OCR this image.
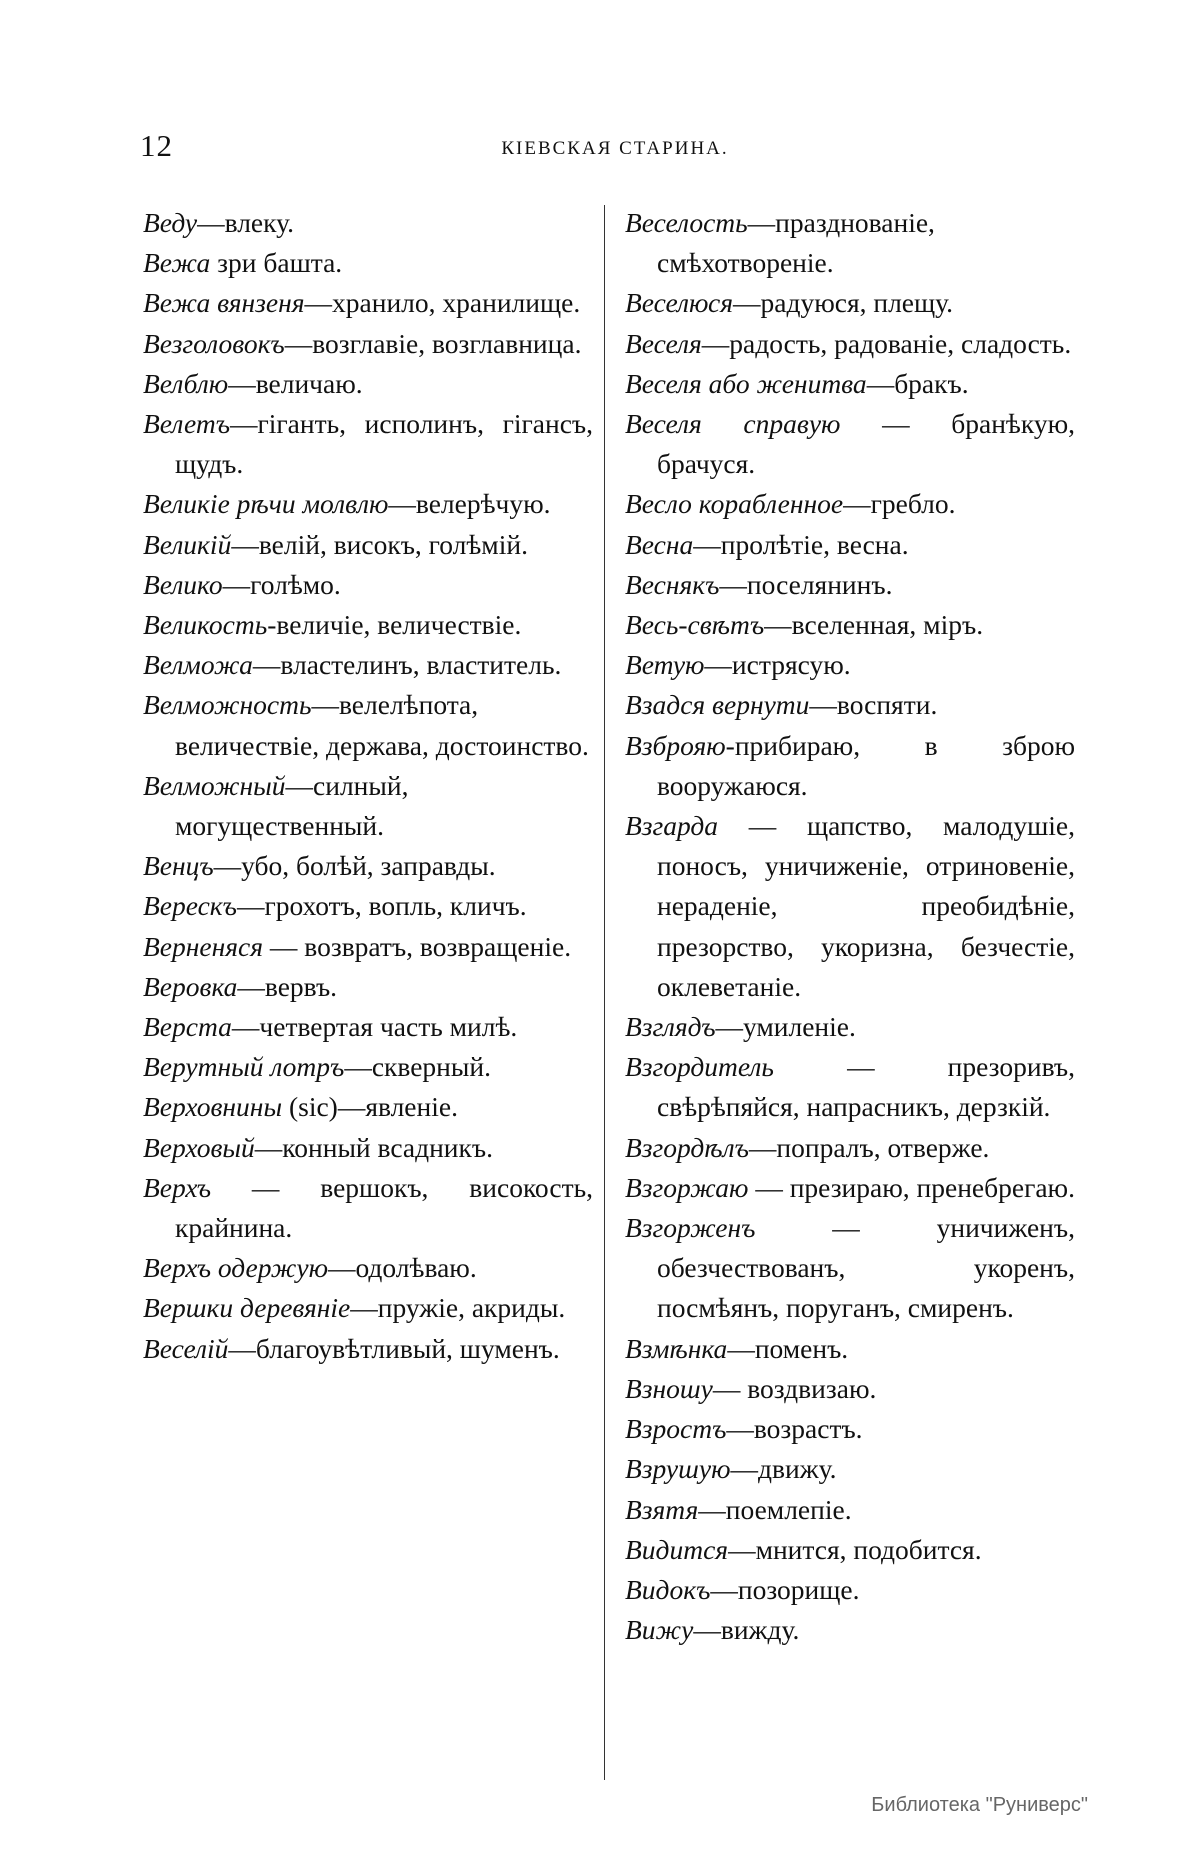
12	КІЕВСКАЯ СТАРИНА.
Веду—влеку.
Вежа зри башта.
Вежа вянзеня—хранило, хранилище.
Везголовокъ—возглавіе, возглавница.
Велблю—величаю.
Велетъ—гіганть, исполинъ, гігансъ, щудъ.
Великіе рѣчи молвлю—велерѣчую.
Великій—велій, високъ, голѣмій.
Велико—голѣмо.
Великость-величіе, величествіе.
Велможа—властелинъ, властитель.
Велможность—велелѣпота, величествіе, держава, достоинство.
Велможный—силный, могущественный.
Венцъ—убо, болѣй, заправды.
Верескъ—грохотъ, вопль, кличъ.
Верненяся — возвратъ, возвращеніе.
Веровка—вервъ.
Верста—четвертая часть милѣ.
Верутный лотръ—скверный.
Верховнины (sic)—явленіе.
Верховый—конный всадникъ.
Верхъ — вершокъ, високость, крайнина.
Верхъ одержую—одолѣваю.
Вершки деревяніе—пружіе, акриды.
Веселій—благоувѣтливый, шуменъ.
Веселость—празднованіе, смѣхотвореніе.
Веселюся—радуюся, плещу.
Веселя—радость, радованіе, сладость.
Веселя або женитва—бракъ.
Веселя справую — бранѣкую, брачуся.
Весло корабленное—гребло.
Весна—пролѣтіе, весна.
Веснякъ—поселянинъ.
Весь-свѣтъ—вселенная, міръ.
Ветую—истрясую.
Взадся вернути—воспяти.
Взброяю-прибираю, в зброю вооружаюся.
Взгарда — щапство, малодушіе, поносъ, уничиженіе, отриновеніе, нераденіе, преобидѣніе, презорство, укоризна, безчестіе, оклеветаніе.
Взглядъ—умиленіе.
Взгордитель — презоривъ, свѣрѣпяйся, напрасникъ, дерзкій.
Взгордѣлъ—попралъ, отверже.
Взгоржаю — презираю, пренебрегаю.
Взгорженъ — уничиженъ, обезчествованъ, укоренъ, посмѣянъ, поруганъ, смиренъ.
Взмѣнка—поменъ.
Взношу— воздвизаю.
Взростъ—возрастъ.
Взрушую—движу.
Взятя—поемлепіе.
Видится—мнится, подобится.
Видокъ—позорище.
Вижу—вижду.
Библиотека "Руниверс"
